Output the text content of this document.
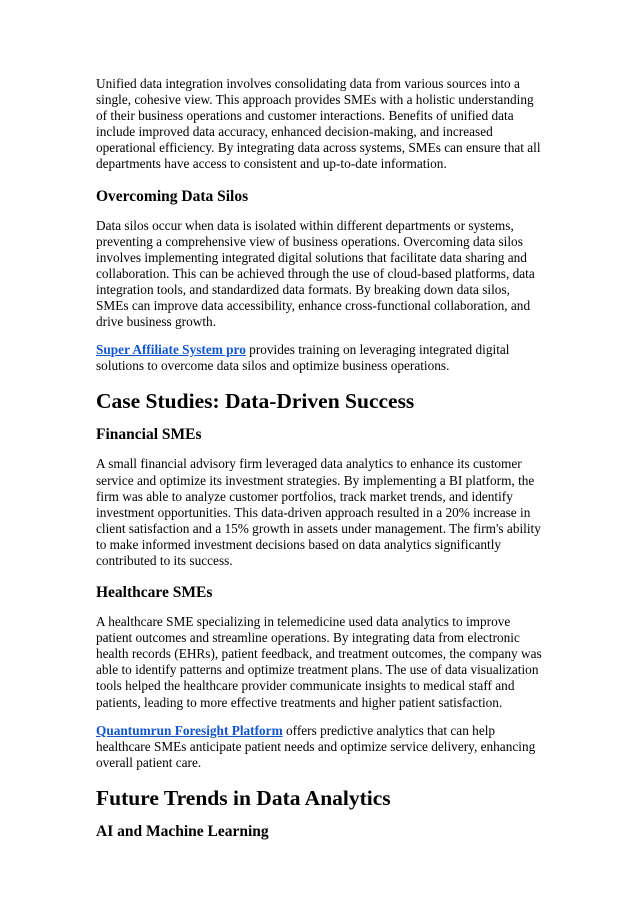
Unified data integration involves consolidating data from various sources into a single, cohesive view. This approach provides SMEs with a holistic understanding of their business operations and customer interactions. Benefits of unified data include improved data accuracy, enhanced decision-making, and increased operational efficiency. By integrating data across systems, SMEs can ensure that all departments have access to consistent and up-to-date information.

Overcoming Data Silos

Data silos occur when data is isolated within different departments or systems, preventing a comprehensive view of business operations. Overcoming data silos involves implementing integrated digital solutions that facilitate data sharing and collaboration. This can be achieved through the use of cloud-based platforms, data integration tools, and standardized data formats. By breaking down data silos, SMEs can improve data accessibility, enhance cross-functional collaboration, and drive business growth.

Super Affiliate System pro provides training on leveraging integrated digital solutions to overcome data silos and optimize business operations.

Case Studies: Data-Driven Success
Financial SMEs

A small financial advisory firm leveraged data analytics to enhance its customer service and optimize its investment strategies. By implementing a BI platform, the firm was able to analyze customer portfolios, track market trends, and identify investment opportunities. This data-driven approach resulted in a 20% increase in client satisfaction and a 15% growth in assets under management. The firm's ability to make informed investment decisions based on data analytics significantly contributed to its success.

Healthcare SMEs

A healthcare SME specializing in telemedicine used data analytics to improve patient outcomes and streamline operations. By integrating data from electronic health records (EHRs), patient feedback, and treatment outcomes, the company was able to identify patterns and optimize treatment plans. The use of data visualization tools helped the healthcare provider communicate insights to medical staff and patients, leading to more effective treatments and higher patient satisfaction.

Quantumrun Foresight Platform offers predictive analytics that can help healthcare SMEs anticipate patient needs and optimize service delivery, enhancing overall patient care.

Future Trends in Data Analytics
AI and Machine Learning
